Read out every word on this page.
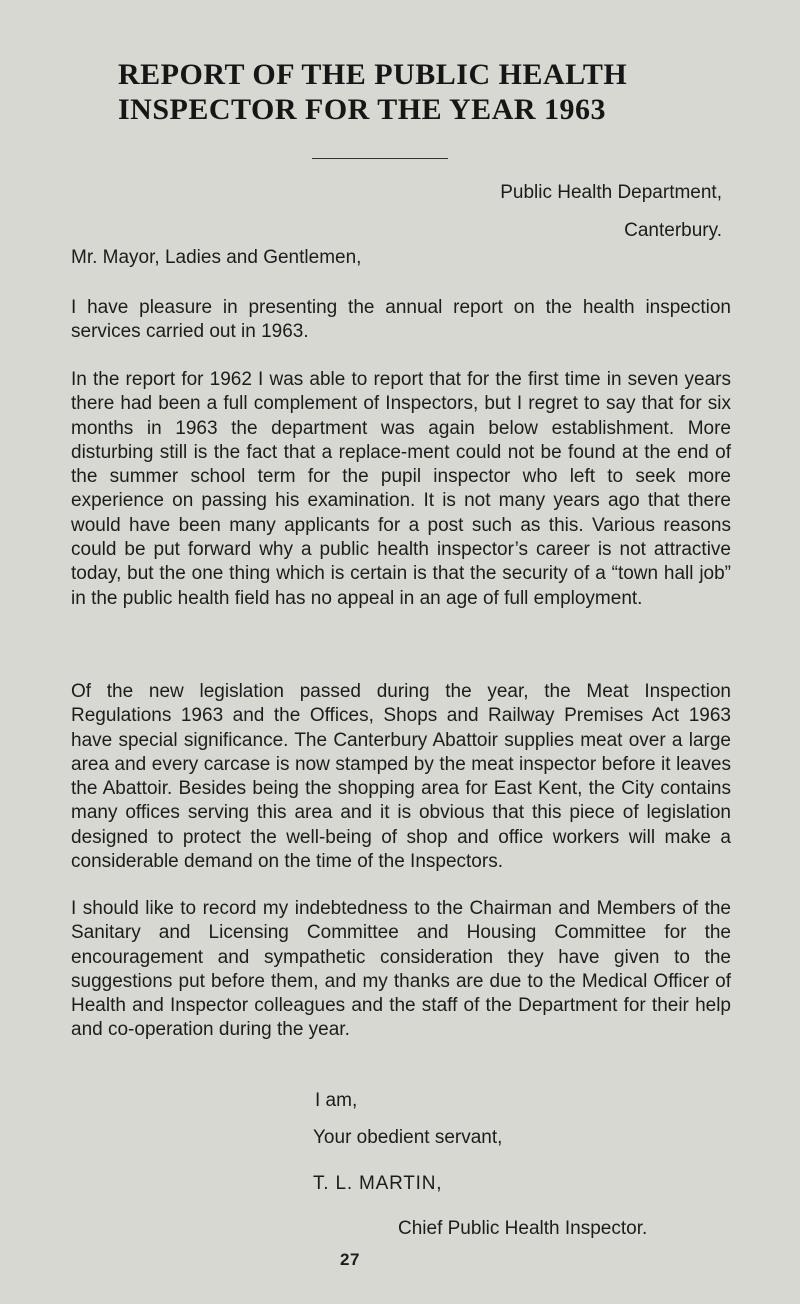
REPORT OF THE PUBLIC HEALTH
INSPECTOR FOR THE YEAR 1963
Public Health Department,
Canterbury.
Mr. Mayor, Ladies and Gentlemen,
I have pleasure in presenting the annual report on the health inspection services carried out in 1963.
In the report for 1962 I was able to report that for the first time in seven years there had been a full complement of Inspectors, but I regret to say that for six months in 1963 the department was again below establishment. More disturbing still is the fact that a replace-ment could not be found at the end of the summer school term for the pupil inspector who left to seek more experience on passing his examination. It is not many years ago that there would have been many applicants for a post such as this. Various reasons could be put forward why a public health inspector’s career is not attractive today, but the one thing which is certain is that the security of a “town hall job” in the public health field has no appeal in an age of full employment.
Of the new legislation passed during the year, the Meat Inspection Regulations 1963 and the Offices, Shops and Railway Premises Act 1963 have special significance. The Canterbury Abattoir supplies meat over a large area and every carcase is now stamped by the meat inspector before it leaves the Abattoir. Besides being the shopping area for East Kent, the City contains many offices serving this area and it is obvious that this piece of legislation designed to protect the well-being of shop and office workers will make a considerable demand on the time of the Inspectors.
I should like to record my indebtedness to the Chairman and Members of the Sanitary and Licensing Committee and Housing Committee for the encouragement and sympathetic consideration they have given to the suggestions put before them, and my thanks are due to the Medical Officer of Health and Inspector colleagues and the staff of the Department for their help and co-operation during the year.
I am,
Your obedient servant,
T. L. MARTIN,
Chief Public Health Inspector.
27
